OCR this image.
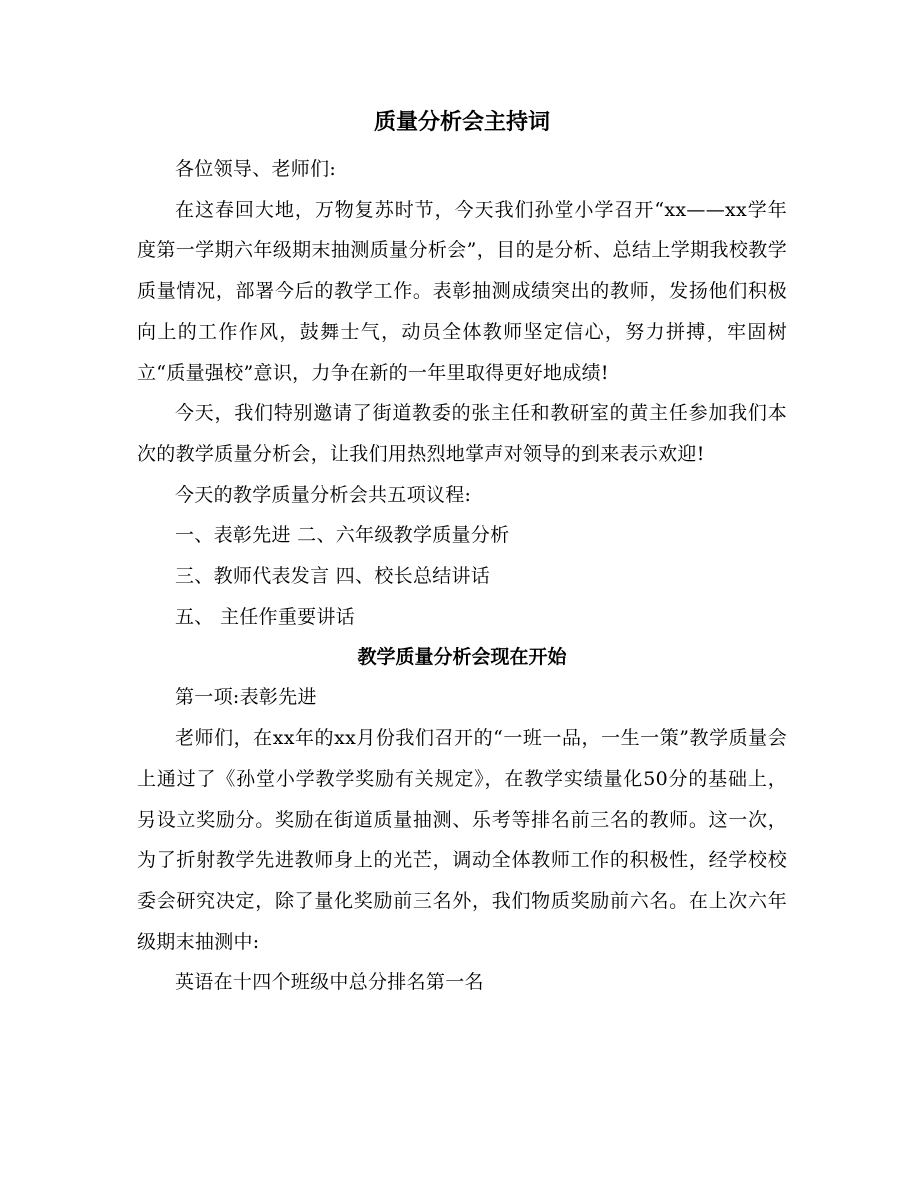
质量分析会主持词

各位领导、老师们:

在这春回大地，万物复苏时节，今天我们孙堂小学召开“xx——xx学年度第一学期六年级期末抽测质量分析会”，目的是分析、总结上学期我校教学质量情况，部署今后的教学工作。表彰抽测成绩突出的教师，发扬他们积极向上的工作作风，鼓舞士气，动员全体教师坚定信心，努力拼搏，牢固树立“质量强校”意识，力争在新的一年里取得更好地成绩!

今天，我们特别邀请了街道教委的张主任和教研室的黄主任参加我们本次的教学质量分析会，让我们用热烈地掌声对领导的到来表示欢迎!

今天的教学质量分析会共五项议程:

一、表彰先进 二、六年级教学质量分析

三、教师代表发言 四、校长总结讲话

五、 主任作重要讲话

教学质量分析会现在开始

第一项:表彰先进

老师们，在xx年的xx月份我们召开的“一班一品，一生一策”教学质量会上通过了《孙堂小学教学奖励有关规定》，在教学实绩量化50分的基础上，另设立奖励分。奖励在街道质量抽测、乐考等排名前三名的教师。这一次，为了折射教学先进教师身上的光芒，调动全体教师工作的积极性，经学校校委会研究决定，除了量化奖励前三名外，我们物质奖励前六名。在上次六年级期末抽测中:

英语在十四个班级中总分排名第一名
